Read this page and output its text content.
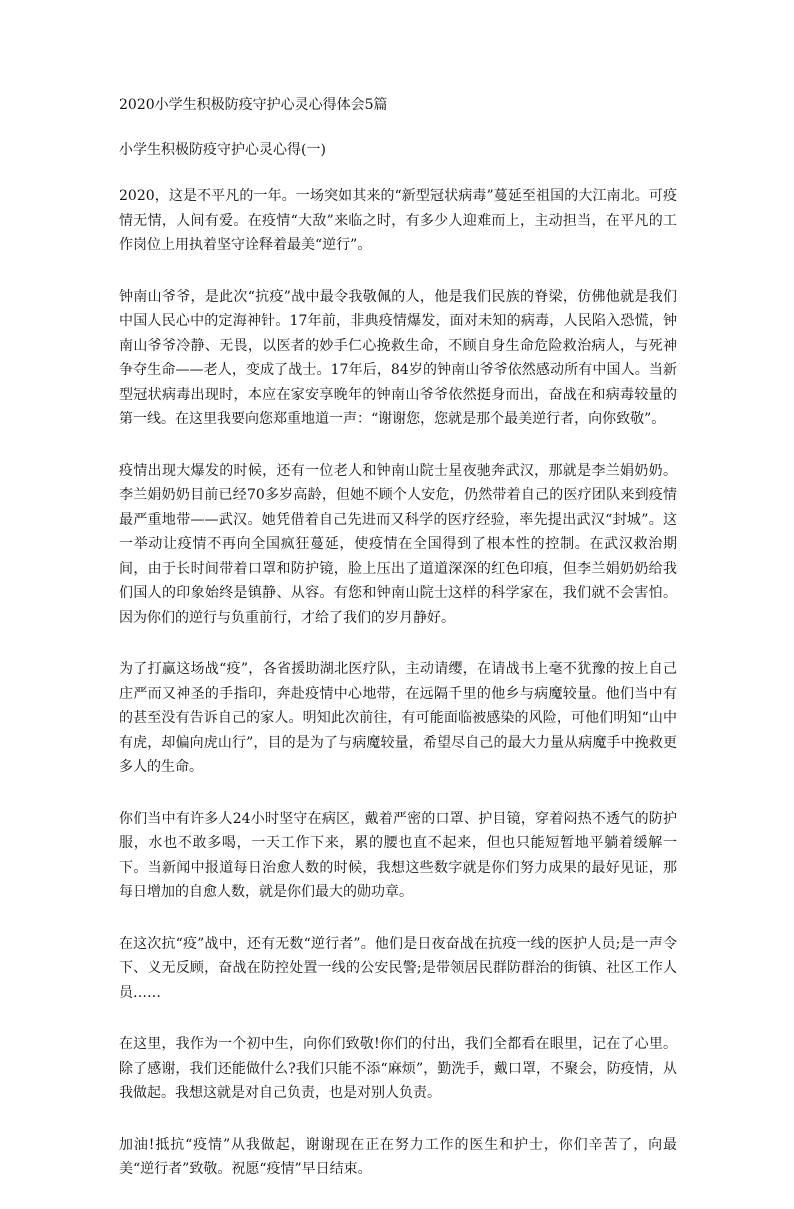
2020小学生积极防疫守护心灵心得体会5篇
小学生积极防疫守护心灵心得(一)

2020，这是不平凡的一年。一场突如其来的“新型冠状病毒”蔓延至祖国的大江南北。可疫情无情，人间有爱。在疫情“大敌”来临之时，有多少人迎难而上，主动担当，在平凡的工作岗位上用执着坚守诠释着最美“逆行”。

钟南山爷爷，是此次“抗疫”战中最令我敬佩的人，他是我们民族的脊梁，仿佛他就是我们中国人民心中的定海神针。17年前，非典疫情爆发，面对未知的病毒，人民陷入恐慌，钟南山爷爷冷静、无畏，以医者的妙手仁心挽救生命，不顾自身生命危险救治病人，与死神争夺生命——老人，变成了战士。17年后，84岁的钟南山爷爷依然感动所有中国人。当新型冠状病毒出现时，本应在家安享晚年的钟南山爷爷依然挺身而出，奋战在和病毒较量的第一线。在这里我要向您郑重地道一声：“谢谢您，您就是那个最美逆行者，向你致敬”。

疫情出现大爆发的时候，还有一位老人和钟南山院士星夜驰奔武汉，那就是李兰娟奶奶。李兰娟奶奶目前已经70多岁高龄，但她不顾个人安危，仍然带着自己的医疗团队来到疫情最严重地带——武汉。她凭借着自己先进而又科学的医疗经验，率先提出武汉“封城”。这一举动让疫情不再向全国疯狂蔓延，使疫情在全国得到了根本性的控制。在武汉救治期间，由于长时间带着口罩和防护镜，脸上压出了道道深深的红色印痕，但李兰娟奶奶给我们国人的印象始终是镇静、从容。有您和钟南山院士这样的科学家在，我们就不会害怕。因为你们的逆行与负重前行，才给了我们的岁月静好。

为了打赢这场战“疫”，各省援助湖北医疗队，主动请缨，在请战书上毫不犹豫的按上自己庄严而又神圣的手指印，奔赴疫情中心地带，在远隔千里的他乡与病魔较量。他们当中有的甚至没有告诉自己的家人。明知此次前往，有可能面临被感染的风险，可他们明知“山中有虎，却偏向虎山行”，目的是为了与病魔较量，希望尽自己的最大力量从病魔手中挽救更多人的生命。

你们当中有许多人24小时坚守在病区，戴着严密的口罩、护目镜，穿着闷热不透气的防护服，水也不敢多喝，一天工作下来，累的腰也直不起来，但也只能短暂地平躺着缓解一下。当新闻中报道每日治愈人数的时候，我想这些数字就是你们努力成果的最好见证，那每日增加的自愈人数，就是你们最大的勋功章。

在这次抗“疫”战中，还有无数“逆行者”。他们是日夜奋战在抗疫一线的医护人员;是一声令下、义无反顾，奋战在防控处置一线的公安民警;是带领居民群防群治的街镇、社区工作人员……

在这里，我作为一个初中生，向你们致敬!你们的付出，我们全都看在眼里，记在了心里。除了感谢，我们还能做什么?我们只能不添“麻烦”，勤洗手，戴口罩，不聚会，防疫情，从我做起。我想这就是对自己负责，也是对别人负责。

加油!抵抗“疫情”从我做起，谢谢现在正在努力工作的医生和护士，你们辛苦了，向最美“逆行者”致敬。祝愿“疫情”早日结束。
